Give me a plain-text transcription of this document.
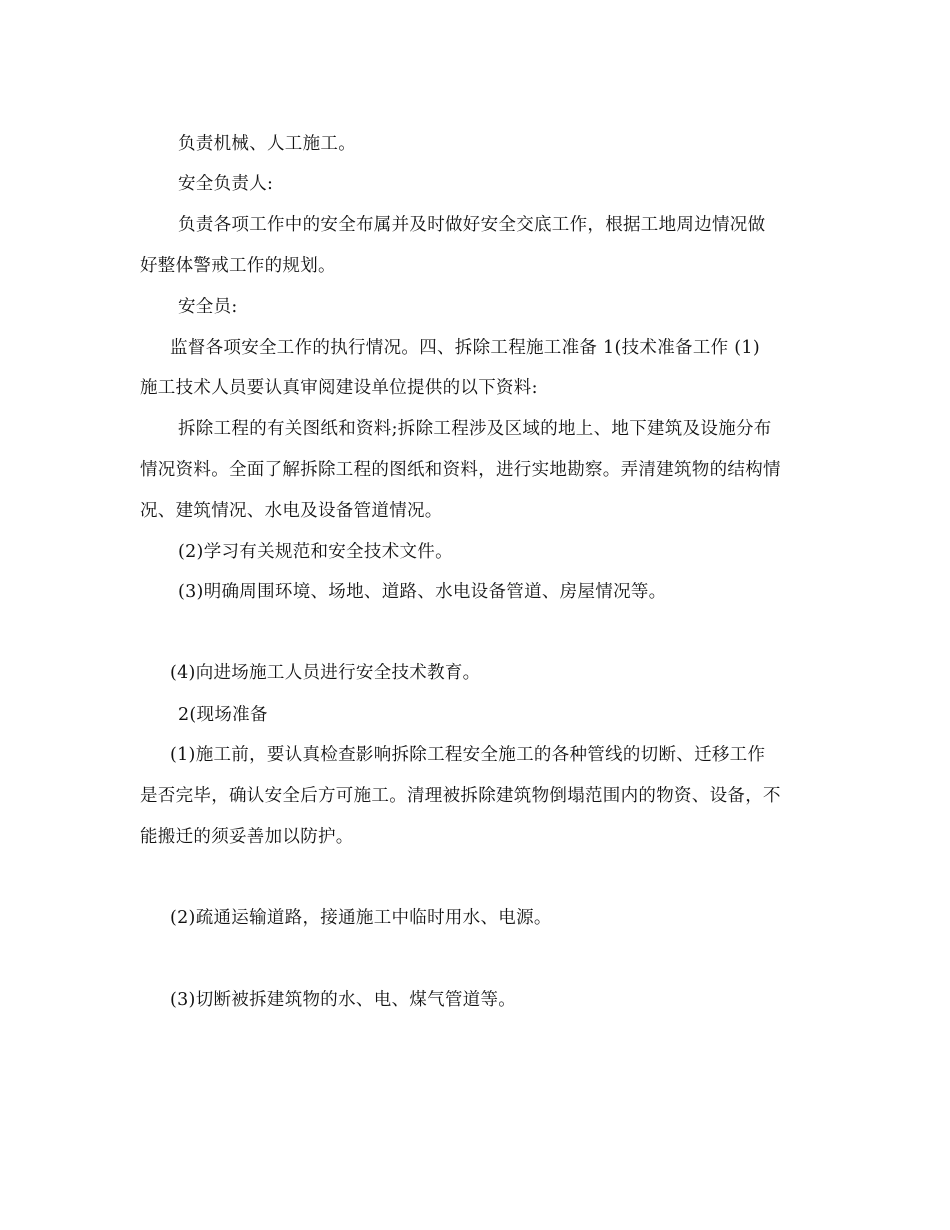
负责机械、人工施工。
安全负责人:
负责各项工作中的安全布属并及时做好安全交底工作，根据工地周边情况做
好整体警戒工作的规划。
安全员:
监督各项安全工作的执行情况。四、拆除工程施工准备 1(技术准备工作 (1)
施工技术人员要认真审阅建设单位提供的以下资料:
拆除工程的有关图纸和资料;拆除工程涉及区域的地上、地下建筑及设施分布
情况资料。全面了解拆除工程的图纸和资料，进行实地勘察。弄清建筑物的结构情
况、建筑情况、水电及设备管道情况。
(2)学习有关规范和安全技术文件。
(3)明确周围环境、场地、道路、水电设备管道、房屋情况等。
(4)向进场施工人员进行安全技术教育。
2(现场准备
(1)施工前，要认真检查影响拆除工程安全施工的各种管线的切断、迁移工作
是否完毕，确认安全后方可施工。清理被拆除建筑物倒塌范围内的物资、设备，不
能搬迁的须妥善加以防护。
(2)疏通运输道路，接通施工中临时用水、电源。
(3)切断被拆建筑物的水、电、煤气管道等。
